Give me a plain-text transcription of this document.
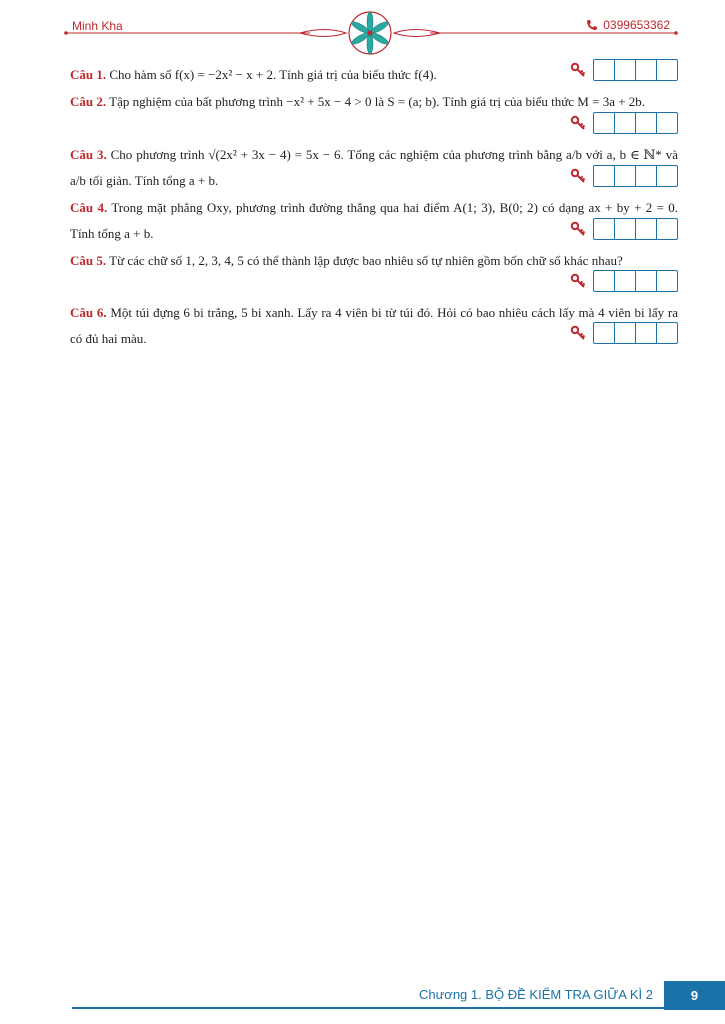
Minh Kha	0399653362
Câu 1. Cho hàm số f(x) = −2x² − x + 2. Tính giá trị của biểu thức f(4).
Câu 2. Tập nghiệm của bất phương trình −x² + 5x − 4 > 0 là S = (a; b). Tính giá trị của biểu thức M = 3a + 2b.
Câu 3. Cho phương trình √(2x² + 3x − 4) = 5x − 6. Tổng các nghiệm của phương trình bằng a/b với a, b ∈ ℕ* và a/b tối giản. Tính tổng a + b.
Câu 4. Trong mặt phẳng Oxy, phương trình đường thẳng qua hai điểm A(1; 3), B(0; 2) có dạng ax + by + 2 = 0. Tính tổng a + b.
Câu 5. Từ các chữ số 1, 2, 3, 4, 5 có thể thành lập được bao nhiêu số tự nhiên gồm bốn chữ số khác nhau?
Câu 6. Một túi đựng 6 bi trắng, 5 bi xanh. Lấy ra 4 viên bi từ túi đó. Hỏi có bao nhiêu cách lấy mà 4 viên bi lấy ra có đủ hai màu.
Chương 1. BỘ ĐỀ KIỂM TRA GIỮA KÌ 2	9
